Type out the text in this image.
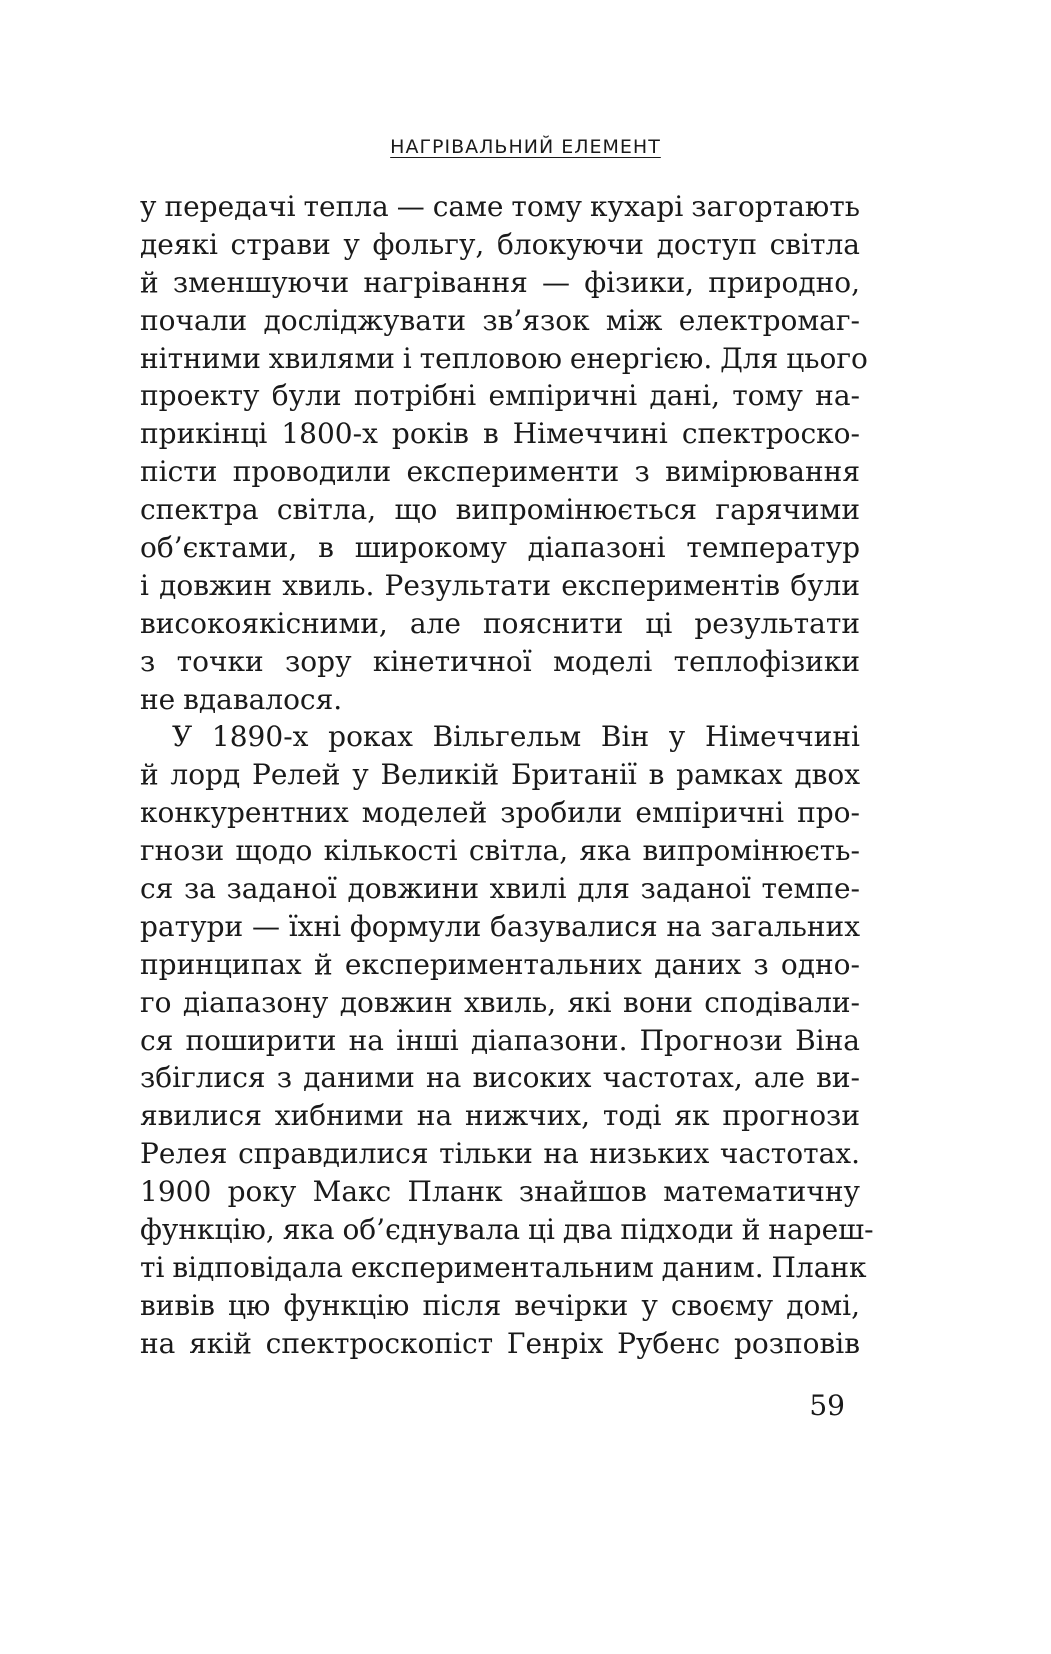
НАГРІВАЛЬНИЙ ЕЛЕМЕНТ
у передачі тепла — саме тому кухарі загортають
деякі страви у фольгу, блокуючи доступ світла
й зменшуючи нагрівання — фізики, природно,
почали досліджувати зв’язок між електромаг-
нітними хвилями і тепловою енергією. Для цього
проекту були потрібні емпіричні дані, тому на-
прикінці 1800-х років в Німеччині спектроско-
пісти проводили експерименти з вимірювання
спектра світла, що випромінюється гарячими
об’єктами, в широкому діапазоні температур
і довжин хвиль. Результати експериментів були
високоякісними, але пояснити ці результати
з точки зору кінетичної моделі теплофізики
не вдавалося.
У 1890-х роках Вільгельм Він у Німеччині
й лорд Релей у Великій Британії в рамках двох
конкурентних моделей зробили емпіричні про-
гнози щодо кількості світла, яка випромінюєть-
ся за заданої довжини хвилі для заданої темпе-
ратури — їхні формули базувалися на загальних
принципах й експериментальних даних з одно-
го діапазону довжин хвиль, які вони сподівали-
ся поширити на інші діапазони. Прогнози Віна
збіглися з даними на високих частотах, але ви-
явилися хибними на нижчих, тоді як прогнози
Релея справдилися тільки на низьких частотах.
1900 року Макс Планк знайшов математичну
функцію, яка об’єднувала ці два підходи й нареш-
ті відповідала експериментальним даним. Планк
вивів цю функцію після вечірки у своєму домі,
на якій спектроскопіст Генріх Рубенс розповів
59
